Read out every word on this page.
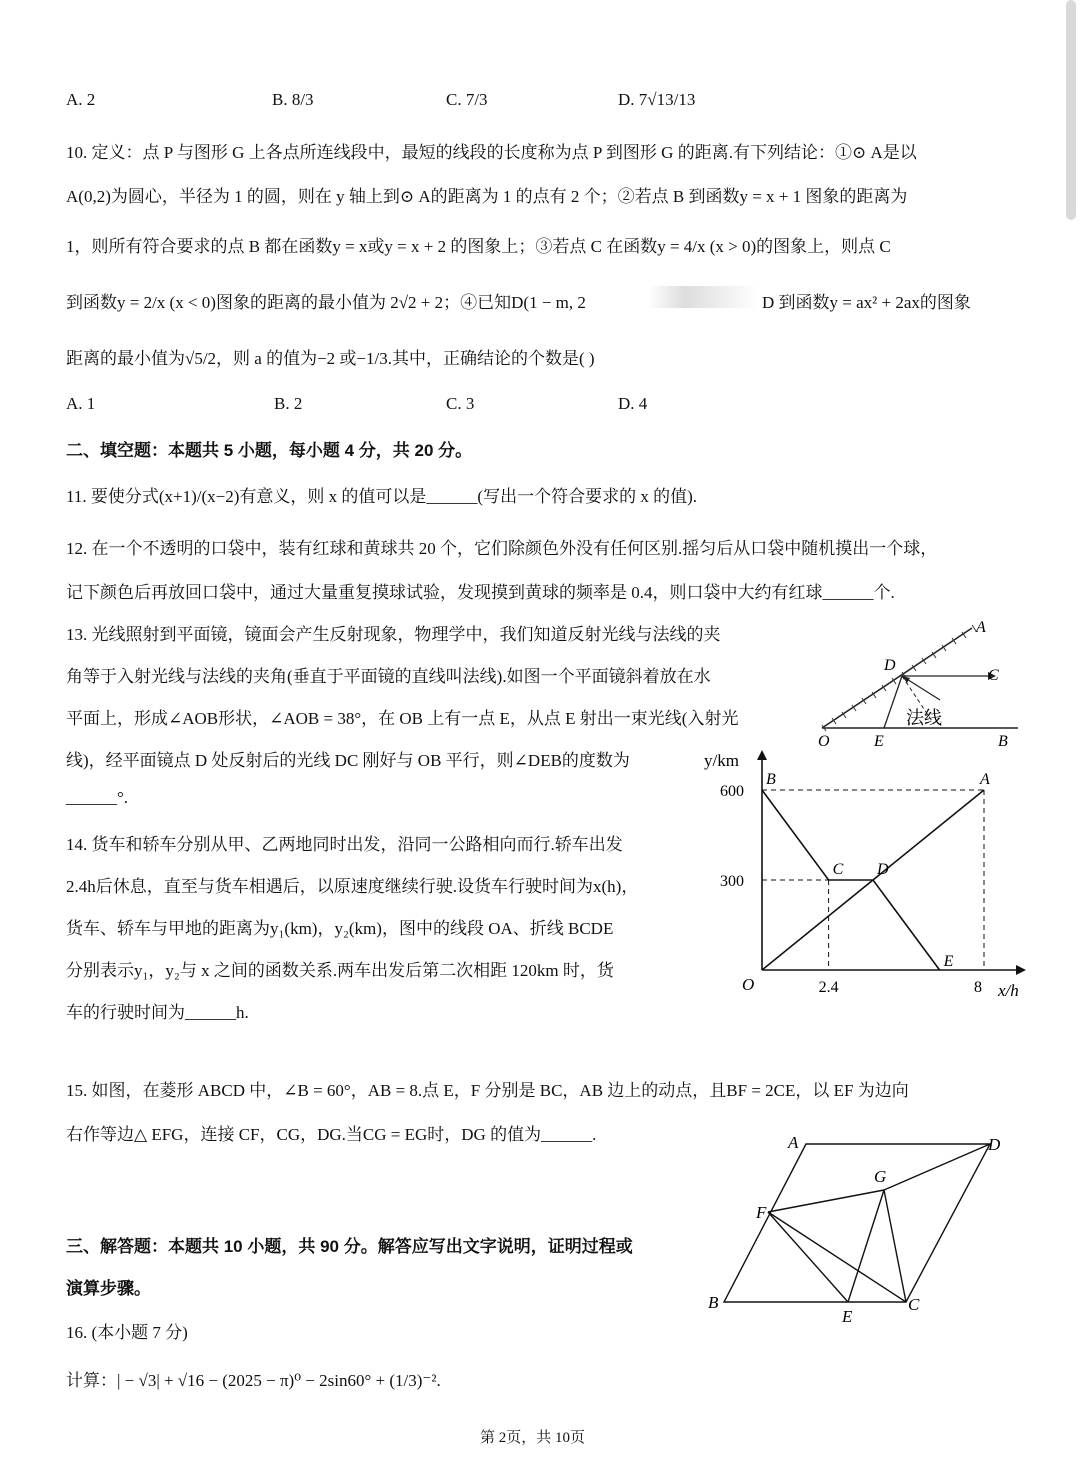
A. 2	B. 8/3	C. 7/3	D. 7√13/13
10. 定义：点 P 与图形 G 上各点所连线段中，最短的线段的长度称为点 P 到图形 G 的距离.有下列结论：①⊙ A是以
A(0,2)为圆心，半径为 1 的圆，则在 y 轴上到⊙ A的距离为 1 的点有 2 个；②若点 B 到函数y = x + 1 图象的距离为
1，则所有符合要求的点 B 都在函数y = x或y = x + 2 的图象上；③若点 C 在函数y = 4/x (x > 0)的图象上，则点 C
到函数y = 2/x (x < 0)图象的距离的最小值为 2√2 + 2；④已知D(1 − m, 2	D 到函数y = ax² + 2ax的图象
距离的最小值为√5/2，则 a 的值为−2 或−1/3.其中，正确结论的个数是( )
A. 1	B. 2	C. 3	D. 4
二、填空题：本题共 5 小题，每小题 4 分，共 20 分。
11. 要使分式(x+1)/(x−2)有意义，则 x 的值可以是______(写出一个符合要求的 x 的值).
12. 在一个不透明的口袋中，装有红球和黄球共 20 个，它们除颜色外没有任何区别.摇匀后从口袋中随机摸出一个球，
记下颜色后再放回口袋中，通过大量重复摸球试验，发现摸到黄球的频率是 0.4，则口袋中大约有红球______个.
13. 光线照射到平面镜，镜面会产生反射现象，物理学中，我们知道反射光线与法线的夹
角等于入射光线与法线的夹角(垂直于平面镜的直线叫法线).如图一个平面镜斜着放在水
平面上，形成∠AOB形状，∠AOB = 38°，在 OB 上有一点 E，从点 E 射出一束光线(入射光
线)，经平面镜点 D 处反射后的光线 DC 刚好与 OB 平行，则∠DEB的度数为
______°.
A
C
D
O	E	B
法线
14. 货车和轿车分别从甲、乙两地同时出发，沿同一公路相向而行.轿车出发
2.4h后休息，直至与货车相遇后，以原速度继续行驶.设货车行驶时间为x(h)，
货车、轿车与甲地的距离为y₁(km)，y₂(km)，图中的线段 OA、折线 BCDE
分别表示y₁，y₂与 x 之间的函数关系.两车出发后第二次相距 120km 时，货
车的行驶时间为______h.
y/km
x/h
O
A
B
C D
E
2.4	8
300
600
15. 如图，在菱形 ABCD 中，∠B = 60°，AB = 8.点 E，F 分别是 BC，AB 边上的动点，且BF = 2CE，以 EF 为边向
右作等边△ EFG，连接 CF，CG，DG.当CG = EG时，DG 的值为______.	A
B	C
D
E
F
G
三、解答题：本题共 10 小题，共 90 分。解答应写出文字说明，证明过程或
演算步骤。
16. (本小题 7 分)
计算：| − √3| + √16 − (2025 − π)⁰ − 2sin60° + (1/3)⁻².
第 2页，共 10页
